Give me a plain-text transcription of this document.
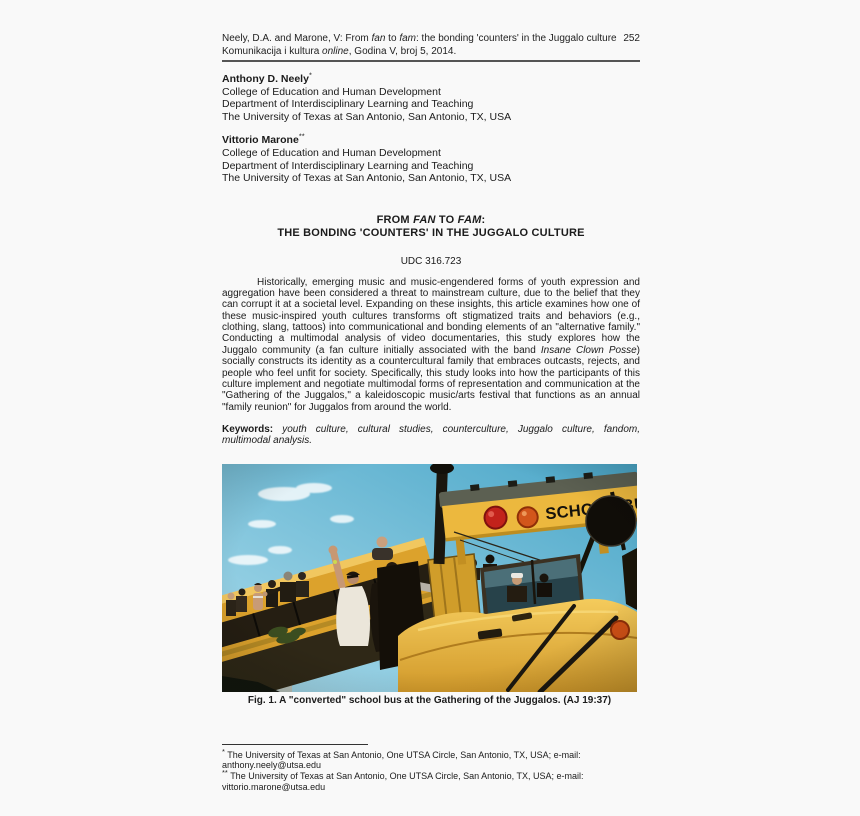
Neely, D.A. and Marone, V: From fan to fam: the bonding 'counters' in the Juggalo culture 252
Komunikacija i kultura online, Godina V, broj 5, 2014.
Anthony D. Neely*
College of Education and Human Development
Department of Interdisciplinary Learning and Teaching
The University of Texas at San Antonio, San Antonio, TX, USA
Vittorio Marone**
College of Education and Human Development
Department of Interdisciplinary Learning and Teaching
The University of Texas at San Antonio, San Antonio, TX, USA
FROM FAN TO FAM:
THE BONDING 'COUNTERS' IN THE JUGGALO CULTURE
UDC 316.723

Historically, emerging music and music-engendered forms of youth expression and aggregation have been considered a threat to mainstream culture, due to the belief that they can corrupt it at a societal level. Expanding on these insights, this article examines how one of these music-inspired youth cultures transforms oft stigmatized traits and behaviors (e.g., clothing, slang, tattoos) into communicational and bonding elements of an "alternative family." Conducting a multimodal analysis of video documentaries, this study explores how the Juggalo community (a fan culture initially associated with the band Insane Clown Posse) socially constructs its identity as a countercultural family that embraces outcasts, rejects, and people who feel unfit for society. Specifically, this study looks into how the participants of this culture implement and negotiate multimodal forms of representation and communication at the "Gathering of the Juggalos," a kaleidoscopic music/arts festival that functions as an annual "family reunion" for Juggalos from around the world.

Keywords: youth culture, cultural studies, counterculture, Juggalo culture, fandom, multimodal analysis.

Fig. 1. A "converted" school bus at the Gathering of the Juggalos. (AJ 19:37)

* The University of Texas at San Antonio, One UTSA Circle, San Antonio, TX, USA; e-mail: anthony.neely@utsa.edu

** The University of Texas at San Antonio, One UTSA Circle, San Antonio, TX, USA; e-mail: vittorio.marone@utsa.edu
